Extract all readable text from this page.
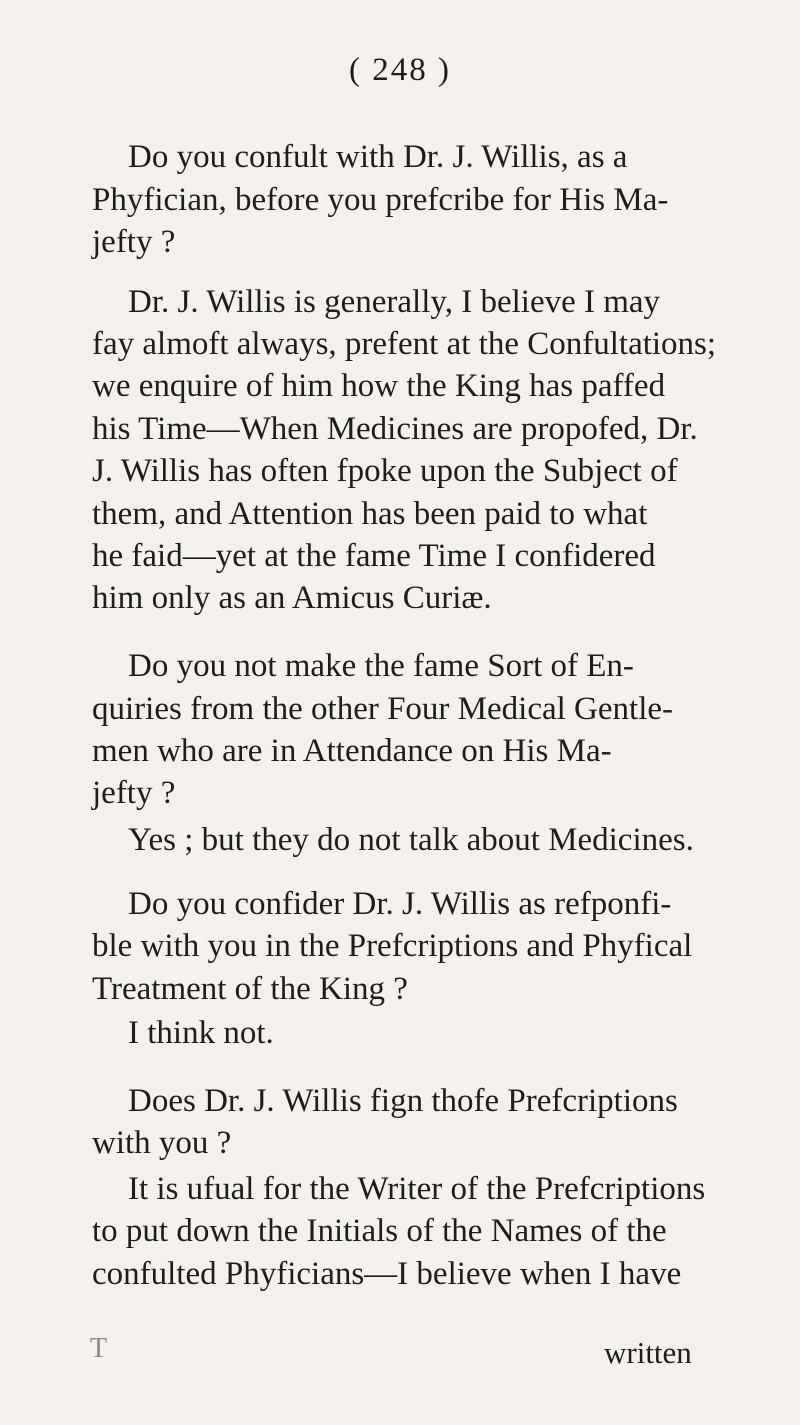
( 248 )
Do you confult with Dr. J. Willis, as a
Phyfician, before you prefcribe for His Ma-
jefty ?
Dr. J. Willis is generally, I believe I may
fay almoft always, prefent at the Confultations;
we enquire of him how the King has paffed
his Time—When Medicines are propofed, Dr.
J. Willis has often fpoke upon the Subject of
them, and Attention has been paid to what
he faid—yet at the fame Time I confidered
him only as an Amicus Curiæ.
Do you not make the fame Sort of En-
quiries from the other Four Medical Gentle-
men who are in Attendance on His Ma-
jefty ?
Yes ; but they do not talk about Medicines.
Do you confider Dr. J. Willis as refponfi-
ble with you in the Prefcriptions and Phyfical
Treatment of the King ?
I think not.
Does Dr. J. Willis fign thofe Prefcriptions
with you ?
It is ufual for the Writer of the Prefcriptions
to put down the Initials of the Names of the
confulted Phyficians—I believe when I have
T	written
